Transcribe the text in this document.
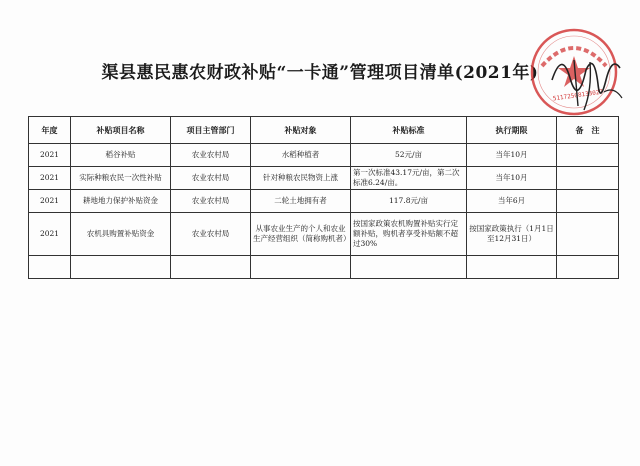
渠县惠民惠农财政补贴“一卡通”管理项目清单(2021年)
51172508133027
年度	补贴项目名称	项目主管部门	补贴对象	补贴标准	执行期限	备　注
2021	稻谷补贴	农业农村局	水稻种植者	52元/亩	当年10月	
2021	实际种粮农民一次性补贴	农业农村局	针对种粮农民物资上涨	第一次标准43.17元/亩，第二次标准6.24/亩。	当年10月	
2021	耕地地力保护补贴资金	农业农村局	二轮土地拥有者	117.8元/亩	当年6月	
2021	农机具购置补贴资金	农业农村局	从事农业生产的个人和农业生产经营组织（简称购机者）	按国家政策农机购置补贴实行定额补贴，购机者享受补贴额不超过30%	按国家政策执行（1月1日至12月31日）	
